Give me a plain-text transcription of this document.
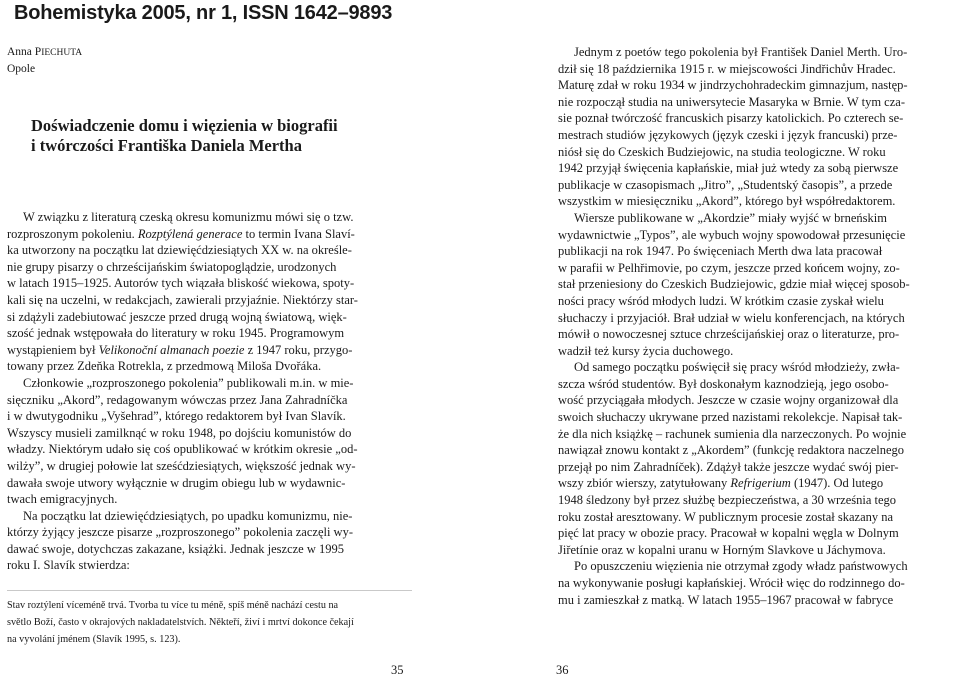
Bohemistyka 2005, nr 1, ISSN 1642–9893
Anna PIECHUTA
Opole
Doświadczenie domu i więzienia w biografii
i twórczości Františka Daniela Mertha
W związku z literaturą czeską okresu komunizmu mówi się o tzw.
rozproszonym pokoleniu. Rozptýlená generace to termin Ivana Slaví-
ka utworzony na początku lat dziewięćdziesiątych XX w. na określe-
nie grupy pisarzy o chrześcijańskim światopoglądzie, urodzonych
w latach 1915–1925. Autorów tych wiązała bliskość wiekowa, spoty-
kali się na uczelni, w redakcjach, zawierali przyjaźnie. Niektórzy star-
si zdążyli zadebiutować jeszcze przed drugą wojną światową, więk-
szość jednak wstępowała do literatury w roku 1945. Programowym
wystąpieniem był Velikonoční almanach poezie z 1947 roku, przygo-
towany przez Zdeňka Rotrekla, z przedmową Miloša Dvořáka.
Członkowie „rozproszonego pokolenia” publikowali m.in. w mie-
sięczniku „Akord”, redagowanym wówczas przez Jana Zahradníčka
i w dwutygodniku „Vyšehrad”, którego redaktorem był Ivan Slavík.
Wszyscy musieli zamilknąć w roku 1948, po dojściu komunistów do
władzy. Niektórym udało się coś opublikować w krótkim okresie „od-
wilży”, w drugiej połowie lat sześćdziesiątych, większość jednak wy-
dawała swoje utwory wyłącznie w drugim obiegu lub w wydawnic-
twach emigracyjnych.
Na początku lat dziewięćdziesiątych, po upadku komunizmu, nie-
którzy żyjący jeszcze pisarze „rozproszonego” pokolenia zaczęli wy-
dawać swoje, dotychczas zakazane, książki. Jednak jeszcze w 1995
roku I. Slavík stwierdza:
Stav roztýlení víceméně trvá. Tvorba tu více tu méně, spíš méně nachází cestu na
světlo Boží, často v okrajových nakladatelstvích. Někteří, živí i mrtví dokonce čekají
na vyvolání jménem (Slavík 1995, s. 123).
Jednym z poetów tego pokolenia był František Daniel Merth. Uro-
dził się 18 października 1915 r. w miejscowości Jindřichův Hradec.
Maturę zdał w roku 1934 w jindrzychohradeckim gimnazjum, następ-
nie rozpoczął studia na uniwersytecie Masaryka w Brnie. W tym cza-
sie poznał twórczość francuskich pisarzy katolickich. Po czterech se-
mestrach studiów językowych (język czeski i język francuski) prze-
niósł się do Czeskich Budziejowic, na studia teologiczne. W roku
1942 przyjął święcenia kapłańskie, miał już wtedy za sobą pierwsze
publikacje w czasopismach „Jitro”, „Studentský časopis”, a przede
wszystkim w miesięczniku „Akord”, którego był współredaktorem.
Wiersze publikowane w „Akordzie” miały wyjść w brneńskim
wydawnictwie „Typos”, ale wybuch wojny spowodował przesunięcie
publikacji na rok 1947. Po święceniach Merth dwa lata pracował
w parafii w Pelhřimovie, po czym, jeszcze przed końcem wojny, zo-
stał przeniesiony do Czeskich Budziejowic, gdzie miał więcej sposob-
ności pracy wśród młodych ludzi. W krótkim czasie zyskał wielu
słuchaczy i przyjaciół. Brał udział w wielu konferencjach, na których
mówił o nowoczesnej sztuce chrześcijańskiej oraz o literaturze, pro-
wadził też kursy życia duchowego.
Od samego początku poświęcił się pracy wśród młodzieży, zwła-
szcza wśród studentów. Był doskonałym kaznodzieją, jego osobo-
wość przyciągała młodych. Jeszcze w czasie wojny organizował dla
swoich słuchaczy ukrywane przed nazistami rekolekcje. Napisał tak-
że dla nich książkę – rachunek sumienia dla narzeczonych. Po wojnie
nawiązał znowu kontakt z „Akordem” (funkcję redaktora naczelnego
przejął po nim Zahradníček). Zdążył także jeszcze wydać swój pier-
wszy zbiór wierszy, zatytułowany Refrigerium (1947). Od lutego
1948 śledzony był przez służbę bezpieczeństwa, a 30 września tego
roku został aresztowany. W publicznym procesie został skazany na
pięć lat pracy w obozie pracy. Pracował w kopalni węgla w Dolnym
Jiřetínie oraz w kopalni uranu w Horným Slavkove u Jáchymova.
Po opuszczeniu więzienia nie otrzymał zgody władz państwowych
na wykonywanie posługi kapłańskiej. Wrócił więc do rodzinnego do-
mu i zamieszkał z matką. W latach 1955–1967 pracował w fabryce
35	36
